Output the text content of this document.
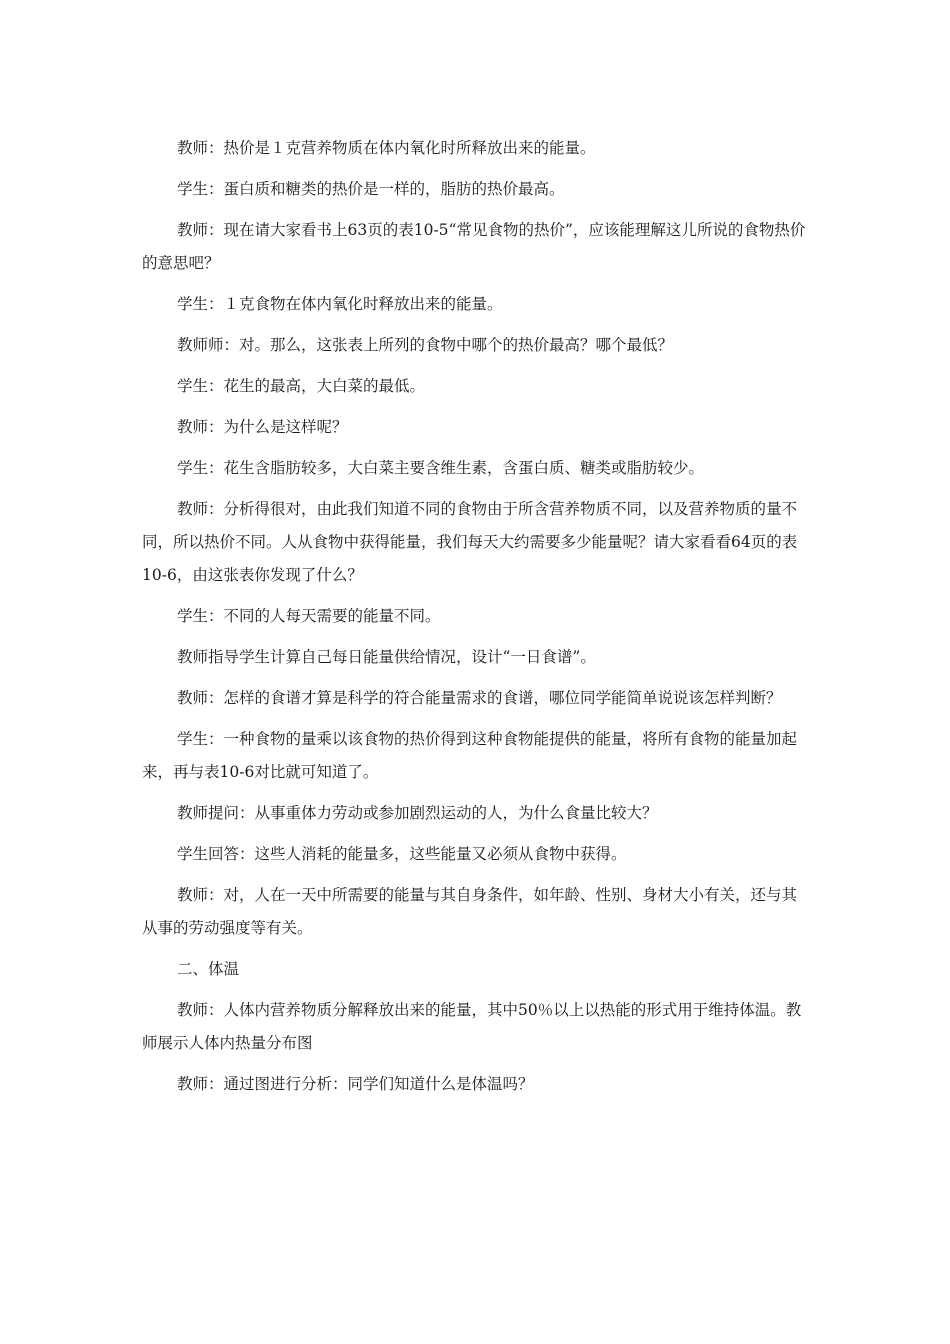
教师：热价是１克营养物质在体内氧化时所释放出来的能量。

学生：蛋白质和糖类的热价是一样的，脂肪的热价最高。

教师：现在请大家看书上63页的表10-5“常见食物的热价”，应该能理解这儿所说的食物热价的意思吧？

学生：１克食物在体内氧化时释放出来的能量。

教师师：对。那么，这张表上所列的食物中哪个的热价最高？哪个最低？

学生：花生的最高，大白菜的最低。

教师：为什么是这样呢？

学生：花生含脂肪较多，大白菜主要含维生素，含蛋白质、糖类或脂肪较少。

教师：分析得很对，由此我们知道不同的食物由于所含营养物质不同，以及营养物质的量不同，所以热价不同。人从食物中获得能量，我们每天大约需要多少能量呢？请大家看看64页的表10-6，由这张表你发现了什么？

学生：不同的人每天需要的能量不同。

教师指导学生计算自己每日能量供给情况，设计“一日食谱”。

教师：怎样的食谱才算是科学的符合能量需求的食谱，哪位同学能简单说说该怎样判断？

学生：一种食物的量乘以该食物的热价得到这种食物能提供的能量，将所有食物的能量加起来，再与表10-6对比就可知道了。

教师提问：从事重体力劳动或参加剧烈运动的人，为什么食量比较大？

学生回答：这些人消耗的能量多，这些能量又必须从食物中获得。

教师：对，人在一天中所需要的能量与其自身条件，如年龄、性别、身材大小有关，还与其从事的劳动强度等有关。

二、体温

教师：人体内营养物质分解释放出来的能量，其中50％以上以热能的形式用于维持体温。教师展示人体内热量分布图

教师：通过图进行分析：同学们知道什么是体温吗？
